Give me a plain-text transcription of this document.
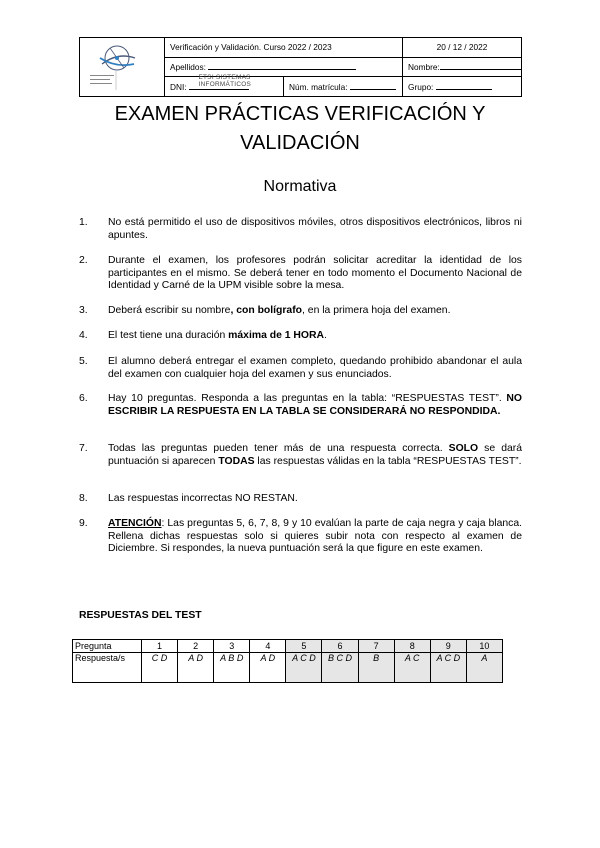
ETSI SISTEMAS
INFORMÁTICOS	Verificación y Validación. Curso 2022 / 2023		20 / 12 / 2022
	Apellidos:		Nombre:
	DNI:	Núm. matrícula:	Grupo:
EXAMEN PRÁCTICAS VERIFICACIÓN Y VALIDACIÓN
Normativa
1.	No está permitido el uso de dispositivos móviles, otros dispositivos electrónicos, libros ni apuntes.
2.	Durante el examen, los profesores podrán solicitar acreditar la identidad de los participantes en el mismo. Se deberá tener en todo momento el Documento Nacional de Identidad y Carné de la UPM visible sobre la mesa.
3.	Deberá escribir su nombre, con bolígrafo, en la primera hoja del examen.
4.	El test tiene una duración máxima de 1 HORA.
5.	El alumno deberá entregar el examen completo, quedando prohibido abandonar el aula del examen con cualquier hoja del examen y sus enunciados.
6.	Hay 10 preguntas. Responda a las preguntas en la tabla: “RESPUESTAS TEST”. NO ESCRIBIR LA RESPUESTA EN LA TABLA SE CONSIDERARÁ NO RESPONDIDA.
7.	Todas las preguntas pueden tener más de una respuesta correcta. SOLO se dará puntuación si aparecen TODAS las respuestas válidas en la tabla “RESPUESTAS TEST”.
8.	Las respuestas incorrectas NO RESTAN.
9.	ATENCIÓN: Las preguntas 5, 6, 7, 8, 9 y 10 evalúan la parte de caja negra y caja blanca. Rellena dichas respuestas solo si quieres subir nota con respecto al examen de Diciembre. Si respondes, la nueva puntuación será la que figure en este examen.
RESPUESTAS DEL TEST
Pregunta	1	2	3	4	5	6	7	8	9	10
Respuesta/s	C D	A D	A B D	A D	A C D	B C D	B	A C	A C D	A
